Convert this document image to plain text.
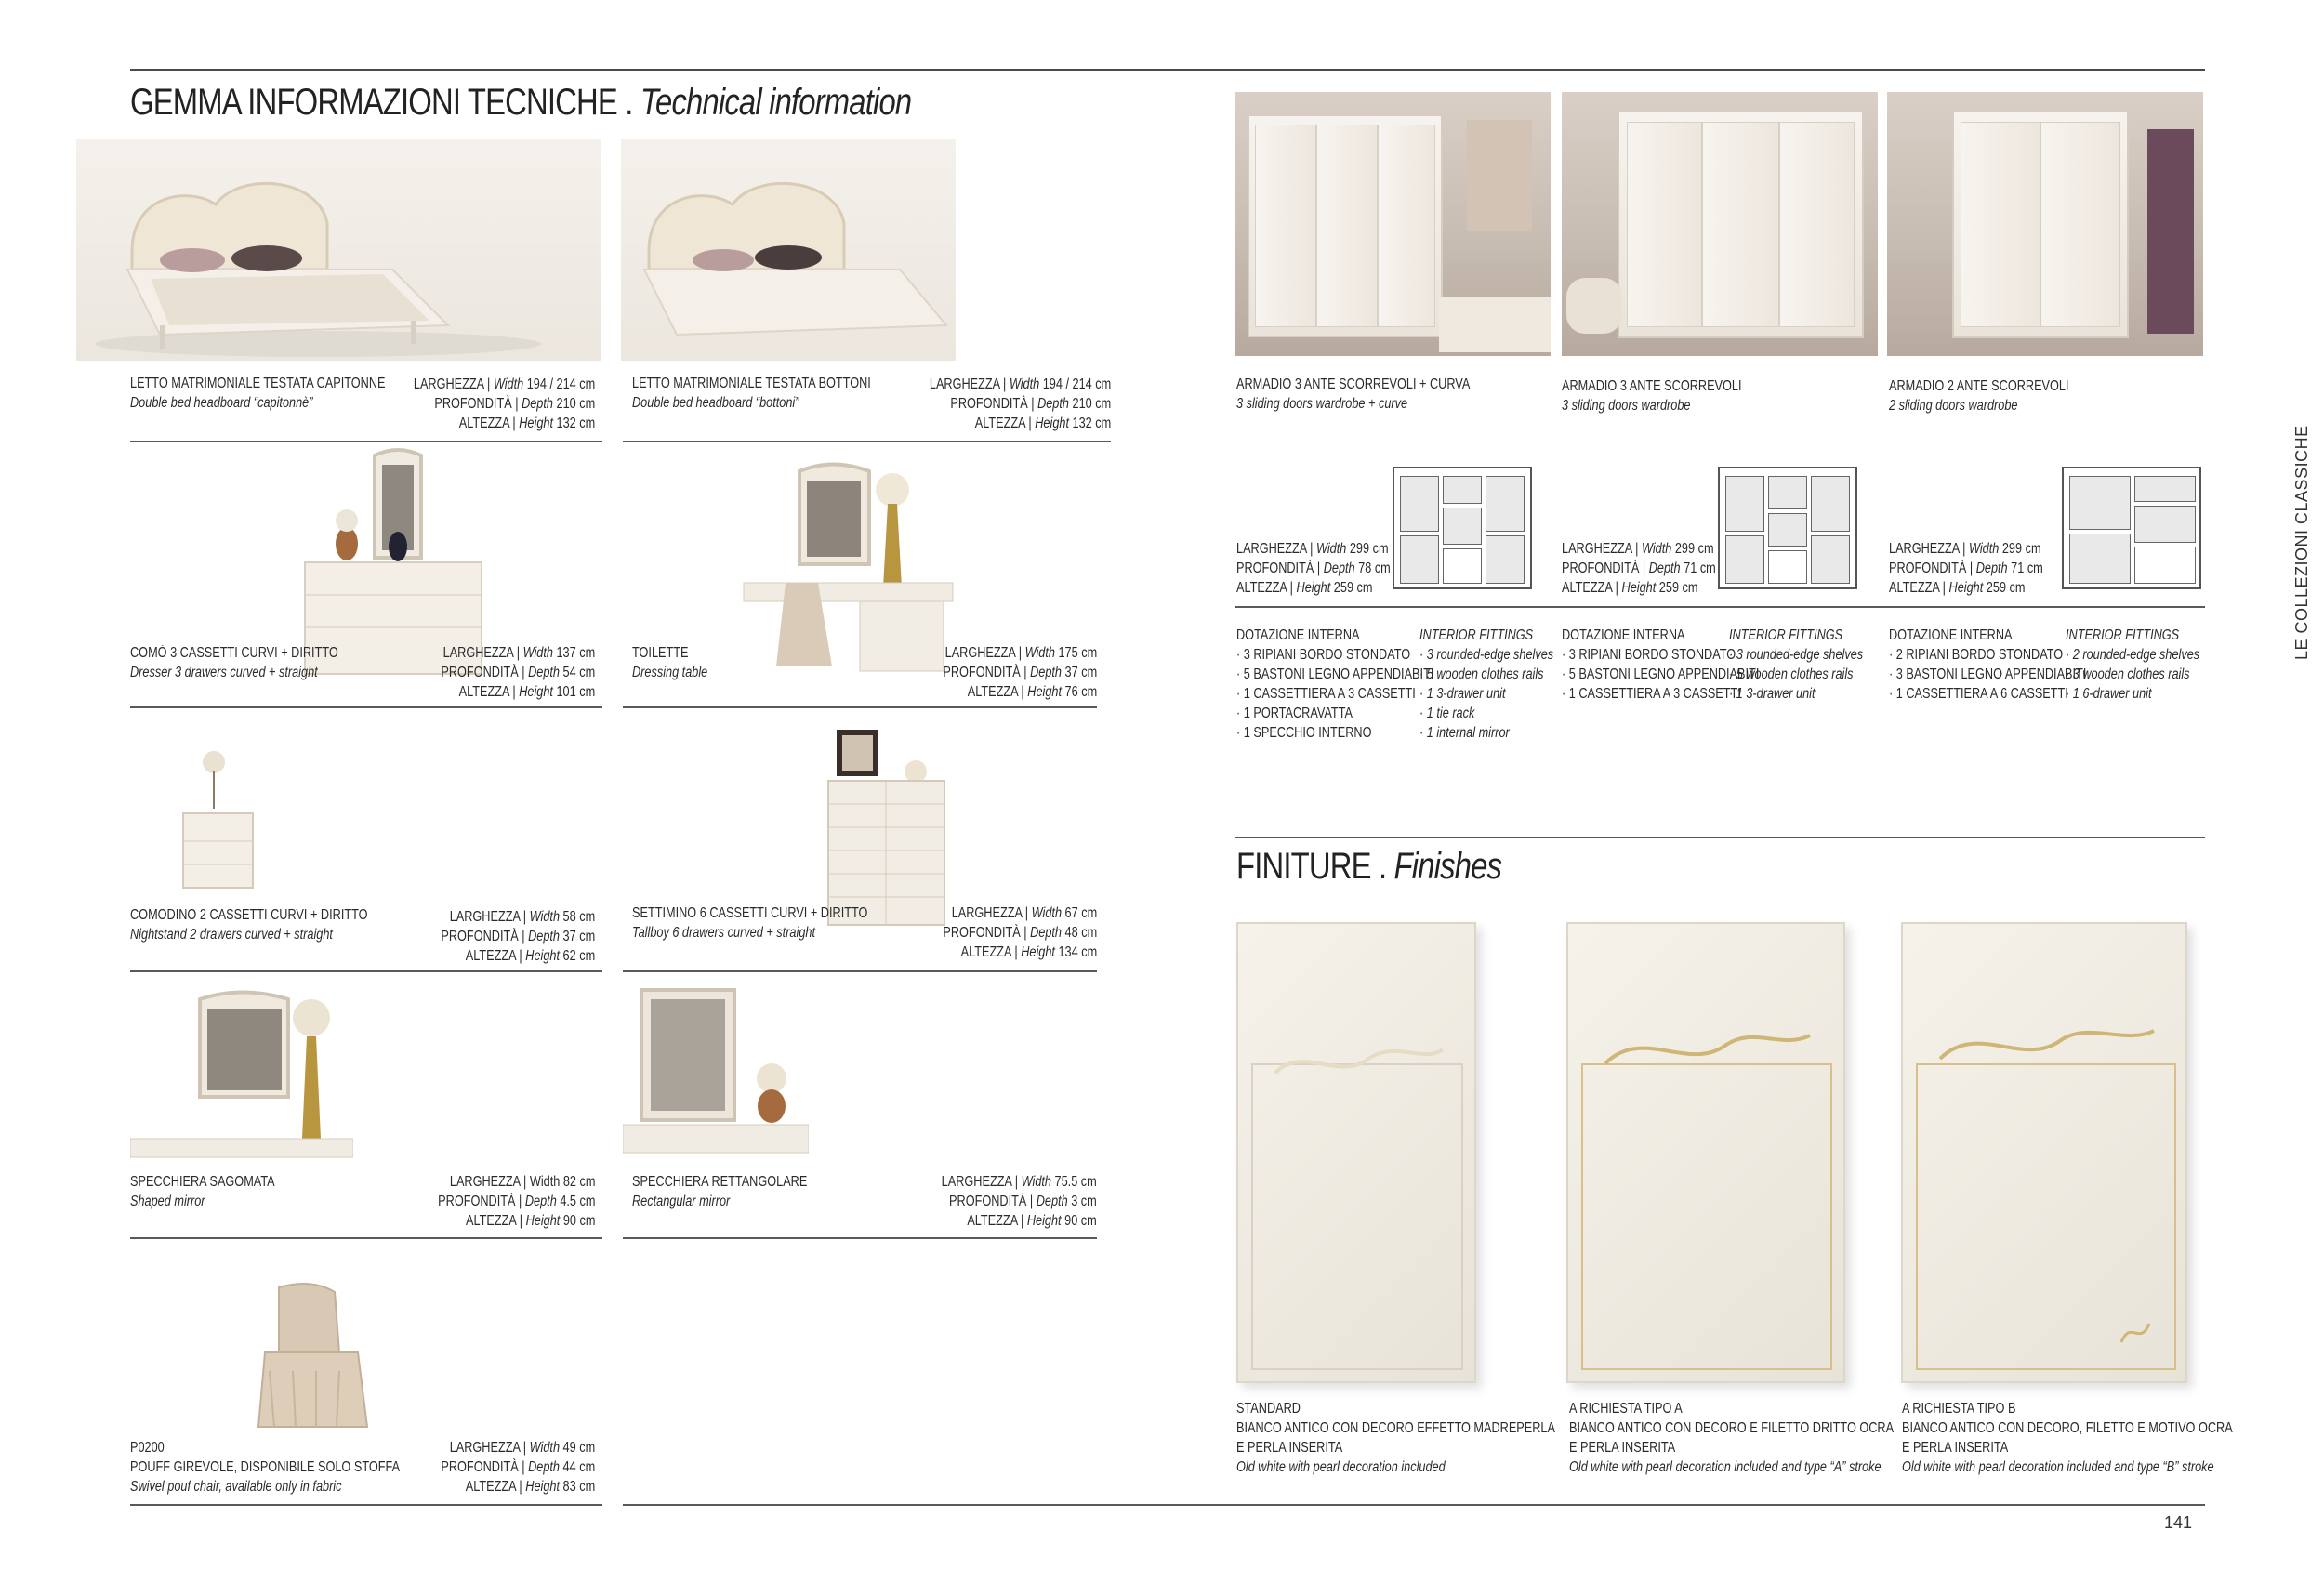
GEMMA INFORMAZIONI TECNICHE . Technical information
LETTO MATRIMONIALE TESTATA CAPITONNÈ
Double bed headboard “capitonnè”
LARGHEZZA | Width 194 / 214 cm
PROFONDITÀ | Depth 210 cm
ALTEZZA | Height 132 cm
LETTO MATRIMONIALE TESTATA BOTTONI
Double bed headboard “bottoni”
LARGHEZZA | Width 194 / 214 cm
PROFONDITÀ | Depth 210 cm
ALTEZZA | Height 132 cm
COMÒ 3 CASSETTI CURVI + DIRITTO
Dresser 3 drawers curved + straight
LARGHEZZA | Width 137 cm
PROFONDITÀ | Depth 54 cm
ALTEZZA | Height 101 cm
TOILETTE
Dressing table
LARGHEZZA | Width 175 cm
PROFONDITÀ | Depth 37 cm
ALTEZZA | Height 76 cm
COMODINO 2 CASSETTI CURVI + DIRITTO
Nightstand 2 drawers curved + straight
LARGHEZZA | Width 58 cm
PROFONDITÀ | Depth 37 cm
ALTEZZA | Height 62 cm
SETTIMINO 6 CASSETTI CURVI + DIRITTO
Tallboy 6 drawers curved + straight
LARGHEZZA | Width 67 cm
PROFONDITÀ | Depth 48 cm
ALTEZZA | Height 134 cm
SPECCHIERA SAGOMATA
Shaped mirror
LARGHEZZA | Width 82 cm
PROFONDITÀ | Depth 4.5 cm
ALTEZZA | Height 90 cm
SPECCHIERA RETTANGOLARE
Rectangular mirror
LARGHEZZA | Width 75.5 cm
PROFONDITÀ | Depth 3 cm
ALTEZZA | Height 90 cm
P0200
POUFF GIREVOLE, DISPONIBILE SOLO STOFFA
Swivel pouf chair, available only in fabric
LARGHEZZA | Width 49 cm
PROFONDITÀ | Depth 44 cm
ALTEZZA | Height 83 cm
ARMADIO 3 ANTE SCORREVOLI + CURVA
3 sliding doors wardrobe + curve
ARMADIO 3 ANTE SCORREVOLI
3 sliding doors wardrobe
ARMADIO 2 ANTE SCORREVOLI
2 sliding doors wardrobe
LARGHEZZA | Width 299 cm
PROFONDITÀ | Depth 78 cm
ALTEZZA | Height 259 cm
LARGHEZZA | Width 299 cm
PROFONDITÀ | Depth 71 cm
ALTEZZA | Height 259 cm
LARGHEZZA | Width 299 cm
PROFONDITÀ | Depth 71 cm
ALTEZZA | Height 259 cm
DOTAZIONE INTERNA
· 3 RIPIANI BORDO STONDATO
· 5 BASTONI LEGNO APPENDIABITI
· 1 CASSETTIERA A 3 CASSETTI
· 1 PORTACRAVATTA
· 1 SPECCHIO INTERNO
INTERIOR FITTINGS
· 3 rounded-edge shelves
· 5 wooden clothes rails
· 1 3-drawer unit
· 1 tie rack
· 1 internal mirror
DOTAZIONE INTERNA
· 3 RIPIANI BORDO STONDATO
· 5 BASTONI LEGNO APPENDIABITI
· 1 CASSETTIERA A 3 CASSETTI
INTERIOR FITTINGS
· 3 rounded-edge shelves
· 5 wooden clothes rails
· 1 3-drawer unit
DOTAZIONE INTERNA
· 2 RIPIANI BORDO STONDATO
· 3 BASTONI LEGNO APPENDIABITI
· 1 CASSETTIERA A 6 CASSETTI
INTERIOR FITTINGS
· 2 rounded-edge shelves
· 3 wooden clothes rails
· 1 6-drawer unit
FINITURE . Finishes
STANDARD
BIANCO ANTICO CON DECORO EFFETTO MADREPERLA
E PERLA INSERITA
Old white with pearl decoration included
A RICHIESTA TIPO A
BIANCO ANTICO CON DECORO E FILETTO DRITTO OCRA
E PERLA INSERITA
Old white with pearl decoration included and type “A” stroke
A RICHIESTA TIPO B
BIANCO ANTICO CON DECORO, FILETTO E MOTIVO OCRA
E PERLA INSERITA
Old white with pearl decoration included and type “B” stroke
LE COLLEZIONI CLASSICHE
141
